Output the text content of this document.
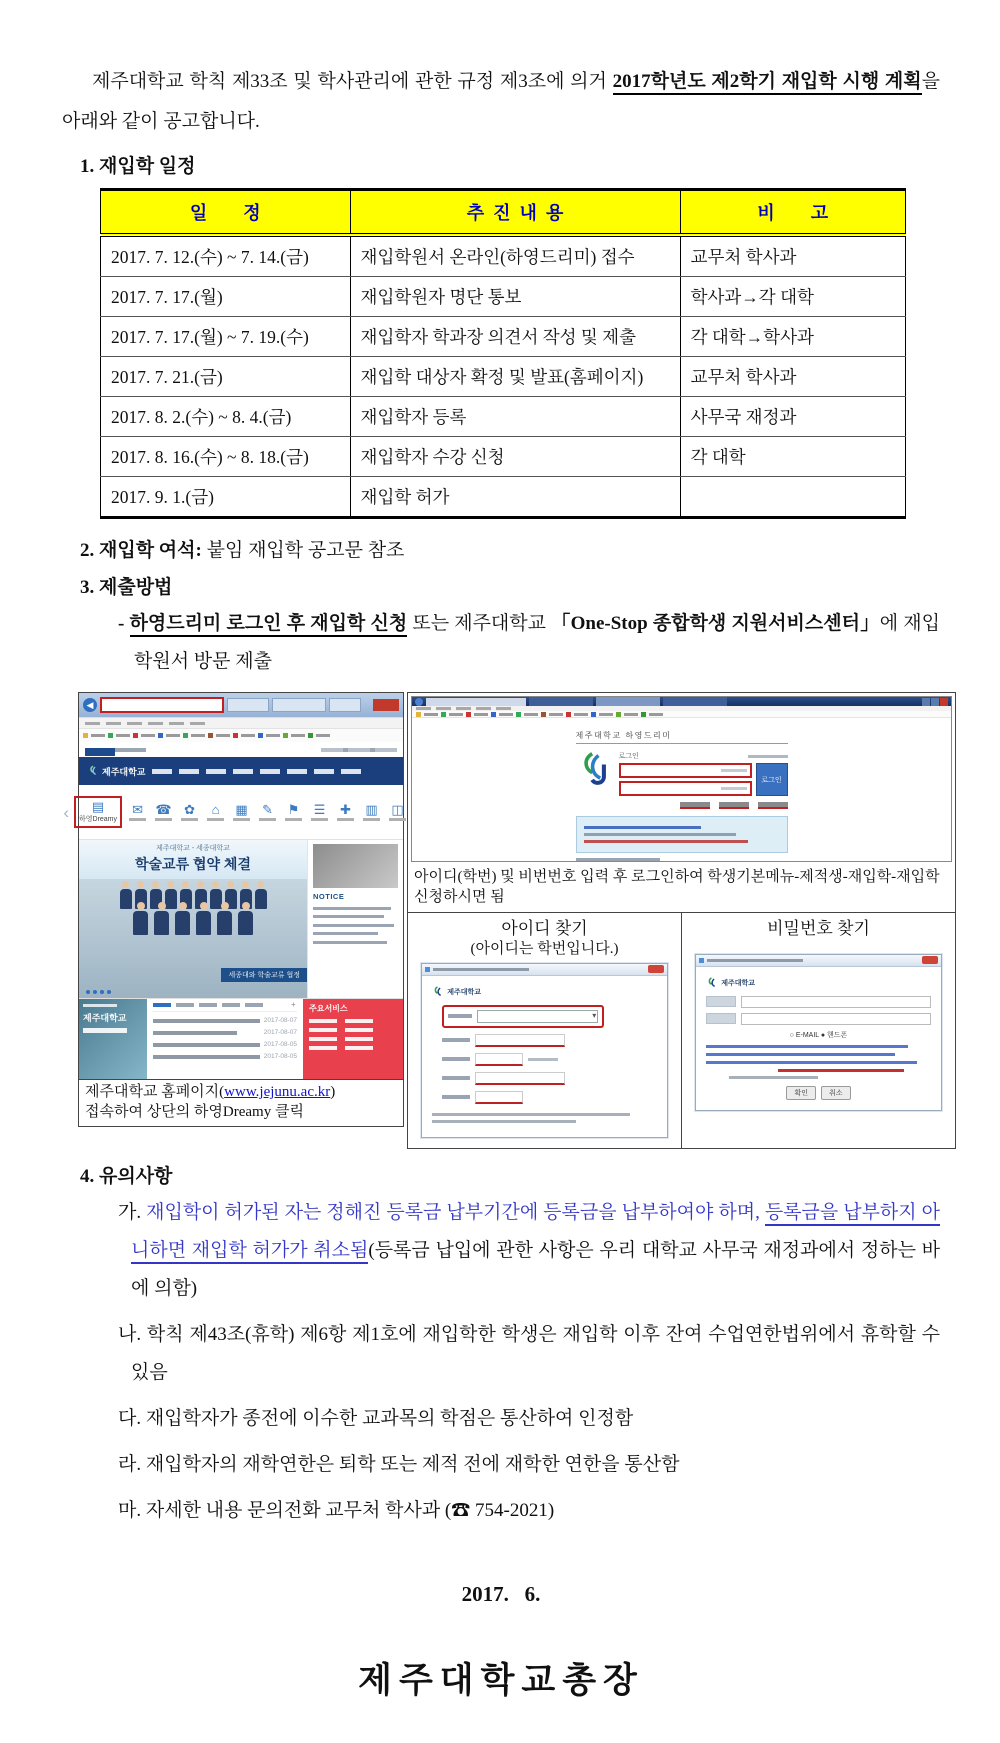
제주대학교 학칙 제33조 및 학사관리에 관한 규정 제3조에 의거 2017학년도 제2학기 재입학 시행 계획을 아래와 같이 공고합니다.

1. 재입학 일정
일        정	추  진  내  용	비        고
2017. 7. 12.(수) ~ 7. 14.(금)	재입학원서 온라인(하영드리미) 접수	교무처 학사과
2017. 7. 17.(월)	재입학원자 명단 통보	학사과→각 대학
2017. 7. 17.(월) ~ 7. 19.(수)	재입학자 학과장 의견서 작성 및 제출	각 대학→학사과
2017. 7. 21.(금)	재입학 대상자 확정 및 발표(홈페이지)	교무처 학사과
2017. 8. 2.(수) ~ 8. 4.(금)	재입학자 등록	사무국 재정과
2017. 8. 16.(수) ~ 8. 18.(금)	재입학자 수강 신청	각 대학
2017. 9. 1.(금)	재입학 허가	
2. 재입학 여석: 붙임 재입학 공고문 참조
3. 제출방법
- 하영드리미 로그인 후 재입학 신청 또는 제주대학교 「One-Stop 종합학생 지원서비스센터」에 재입학원서 방문 제출
◀
제주대학교
‹ ▤
하영Dreamy
✉ ☎ ✿ ⌂ ▦ ✎ ⚑ ☰ ✚ ▥ ◫
제주대학교 - 세종대학교
학술교류 협약 체결
세종대와 학술교류 협정
NOTICE
제주대학교
+
2017-08-07
2017-08-07
2017-08-05
2017-08-05
주요서비스
제주대학교 홈페이지(www.jejunu.ac.kr)
접속하여 상단의 하영Dreamy 클릭
제주대학교 하영드리미
로그인
로그인
아이디(학번) 및 비번번호 입력 후 로그인하여 학생기본메뉴-제적생-재입학-재입학신청하시면 됨
아이디 찾기
(아이디는 학번입니다.)
제주대학교
▾
비밀번호 찾기
제주대학교
○ E-MAIL ● 핸드폰
확인	취소
4. 유의사항
가. 재입학이 허가된 자는 정해진 등록금 납부기간에 등록금을 납부하여야 하며, 등록금을 납부하지 아니하면 재입학 허가가 취소됨(등록금 납입에 관한 사항은 우리 대학교 사무국 재정과에서 정하는 바에 의함)
나. 학칙 제43조(휴학) 제6항 제1호에 재입학한 학생은 재입학 이후 잔여 수업연한법위에서 휴학할 수 있음
다. 재입학자가 종전에 이수한 교과목의 학점은 통산하여 인정함
라. 재입학자의 재학연한은 퇴학 또는 제적 전에 재학한 연한을 통산함
마. 자세한 내용 문의전화 교무처 학사과 (☎ 754-2021)
2017.   6.
제주대학교총장
